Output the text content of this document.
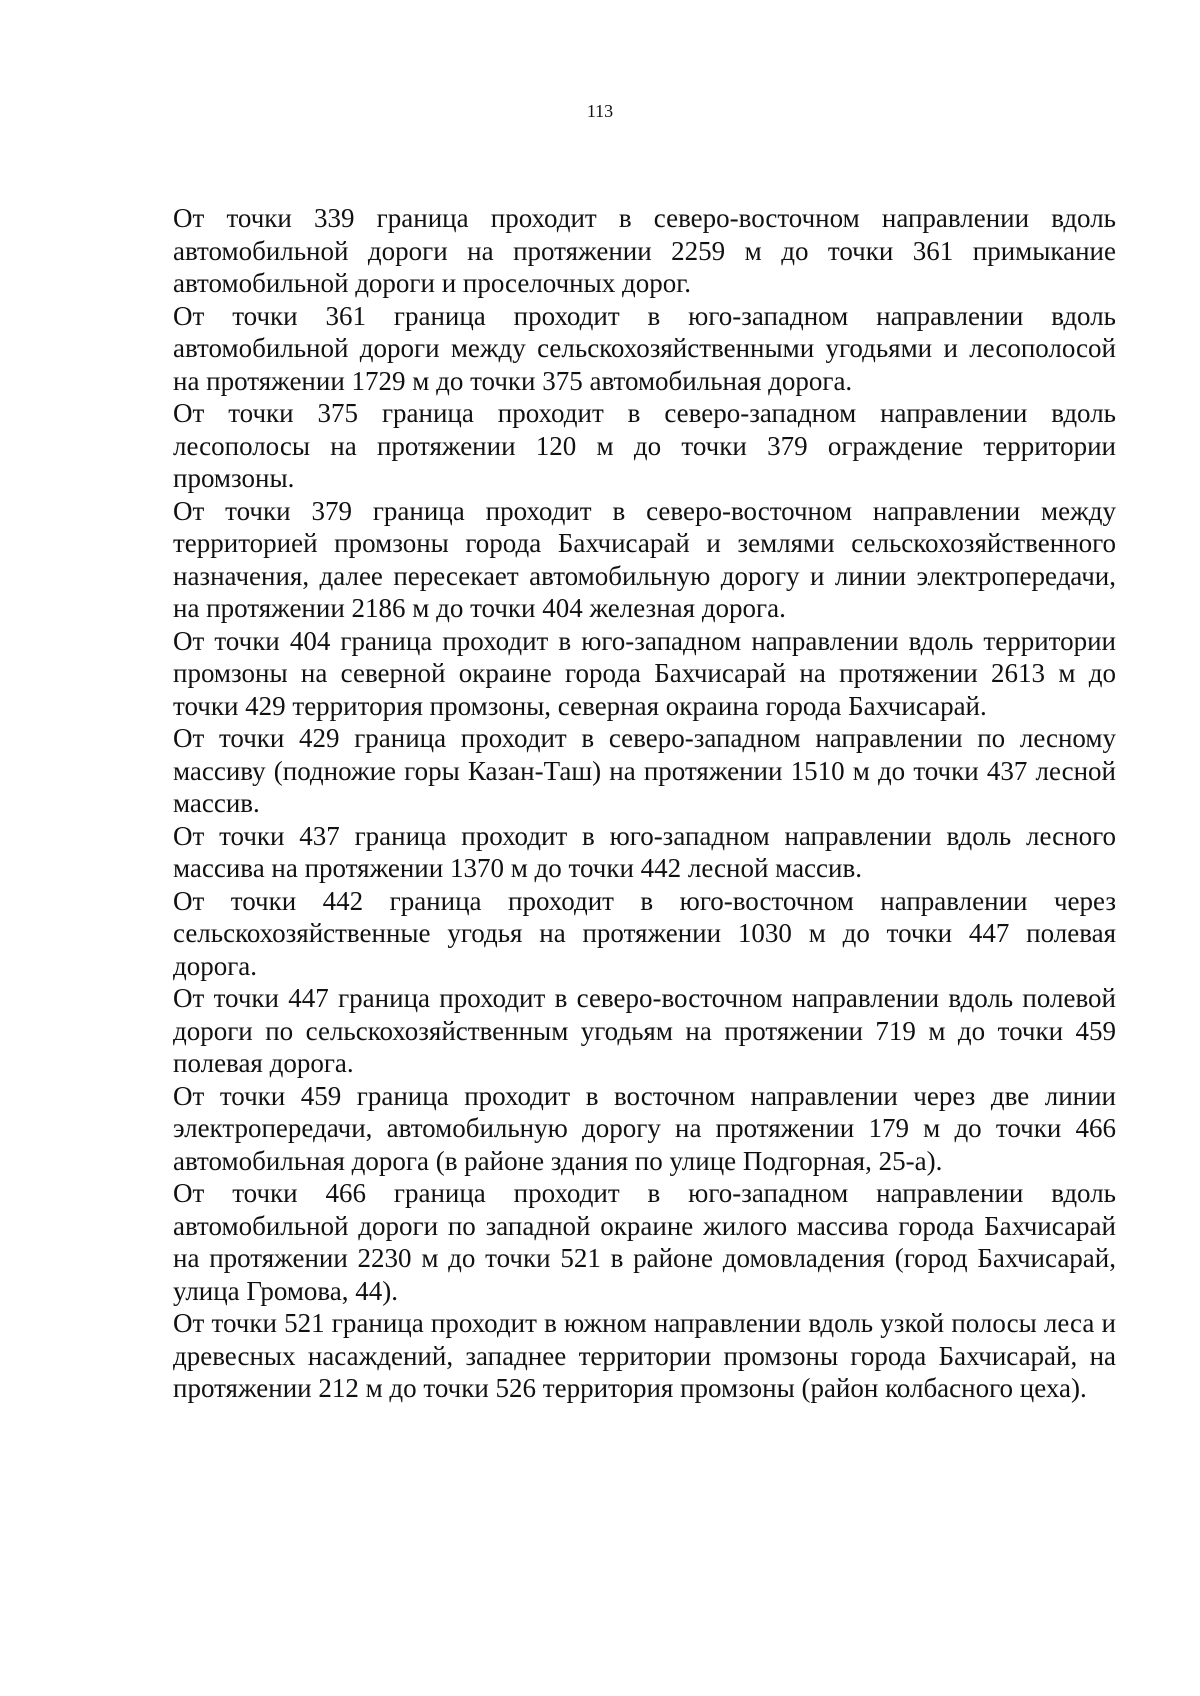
113

От точки 339 граница проходит в северо-восточном направлении вдоль автомобильной дороги на протяжении 2259 м до точки 361 примыкание автомобильной дороги и проселочных дорог.

От точки 361 граница проходит в юго-западном направлении вдоль автомобильной дороги между сельскохозяйственными угодьями и лесополосой на протяжении 1729 м до точки 375 автомобильная дорога.

От точки 375 граница проходит в северо-западном направлении вдоль лесополосы на протяжении 120 м до точки 379 ограждение территории промзоны.

От точки 379 граница проходит в северо-восточном направлении между территорией промзоны города Бахчисарай и землями сельскохозяйственного назначения, далее пересекает автомобильную дорогу и линии электропередачи, на протяжении 2186 м до точки 404 железная дорога.

От точки 404 граница проходит в юго-западном направлении вдоль территории промзоны на северной окраине города Бахчисарай на протяжении 2613 м до точки 429 территория промзоны, северная окраина города Бахчисарай.

От точки 429 граница проходит в северо-западном направлении по лесному массиву (подножие горы Казан-Таш) на протяжении 1510 м до точки 437 лесной массив.

От точки 437 граница проходит в юго-западном направлении вдоль лесного массива на протяжении 1370 м до точки 442 лесной массив.

От точки 442 граница проходит в юго-восточном направлении через сельскохозяйственные угодья на протяжении 1030 м до точки 447 полевая дорога.

От точки 447 граница проходит в северо-восточном направлении вдоль полевой дороги по сельскохозяйственным угодьям на протяжении 719 м до точки 459 полевая дорога.

От точки 459 граница проходит в восточном направлении через две линии электропередачи, автомобильную дорогу на протяжении 179 м до точки 466 автомобильная дорога (в районе здания по улице Подгорная, 25-а).

От точки 466 граница проходит в юго-западном направлении вдоль автомобильной дороги по западной окраине жилого массива города Бахчисарай на протяжении 2230 м до точки 521 в районе домовладения (город Бахчисарай, улица Громова, 44).

От точки 521 граница проходит в южном направлении вдоль узкой полосы леса и древесных насаждений, западнее территории промзоны города Бахчисарай, на протяжении 212 м до точки 526 территория промзоны (район колбасного цеха).
